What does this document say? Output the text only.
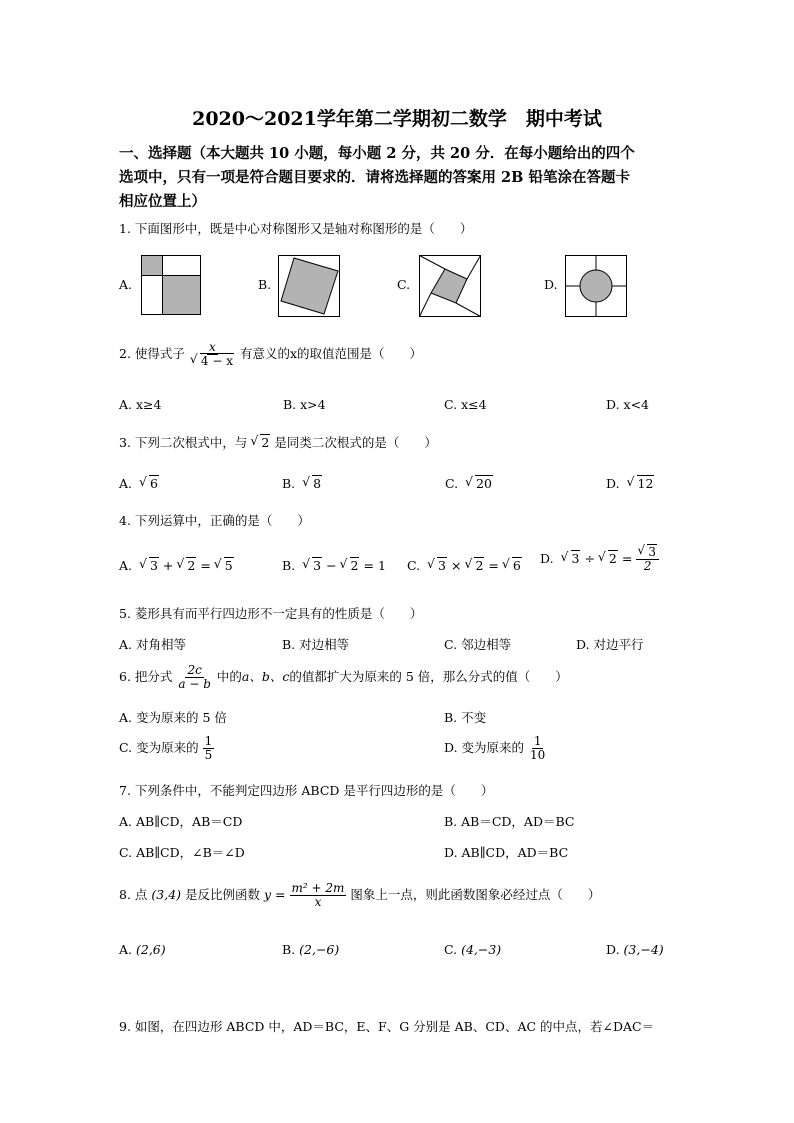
2020～2021学年第二学期初二数学　期中考试
一、选择题（本大题共 10 小题，每小题 2 分，共 20 分．在每小题给出的四个
选项中，只有一项是符合题目要求的．请将选择题的答案用 2B 铅笔涂在答题卡
相应位置上）
1. 下面图形中，既是中心对称图形又是轴对称图形的是（　　）
A.	B.	C.	D.
2. 使得式子 x
√ 4 − x 有意义的x的取值范围是（　　）
A. x≥4	B. x>4	C. x≤4	D. x<4
3. 下列二次根式中，与 √ 2 是同类二次根式的是（　　）
A. √ 6	B. √ 8	C. √ 20	D. √ 12
4. 下列运算中，正确的是（　　）
A. √ 3 + √ 2 = √ 5	B. √ 3 − √ 2 = 1 C. √ 3 × √ 2 = √ 6 D. √ 3 ÷ √ 2 = √ $\frac{3}{2}$
5. 菱形具有而平行四边形不一定具有的性质是（　　）
A. 对角相等	B. 对边相等	C. 邻边相等	D. 对边平行
6. 把分式 $\frac{2c}{a - b}$ 中的a、b、c的值都扩大为原来的 5 倍，那么分式的值（　　）
A. 变为原来的 5 倍	B. 不变
C. 变为原来的 $\frac{1}{5}$	D. 变为原来的 $\frac{1}{10}$
7. 下列条件中，不能判定四边形 ABCD 是平行四边形的是（　　）
A. AB∥CD，AB＝CD	B. AB＝CD，AD＝BC
C. AB∥CD，∠B＝∠D	D. AB∥CD，AD＝BC
8. 点 (3,4) 是反比例函数 $y = \frac{\text{m² + 2m}}{x}$ 图象上一点，则此函数图象必经过点（　　）
A. (2,6)	B. (2,−6)	C. (4,−3)	D. (3,−4)
9. 如图，在四边形 ABCD 中，AD＝BC，E、F、G 分别是 AB、CD、AC 的中点，若∠DAC＝
